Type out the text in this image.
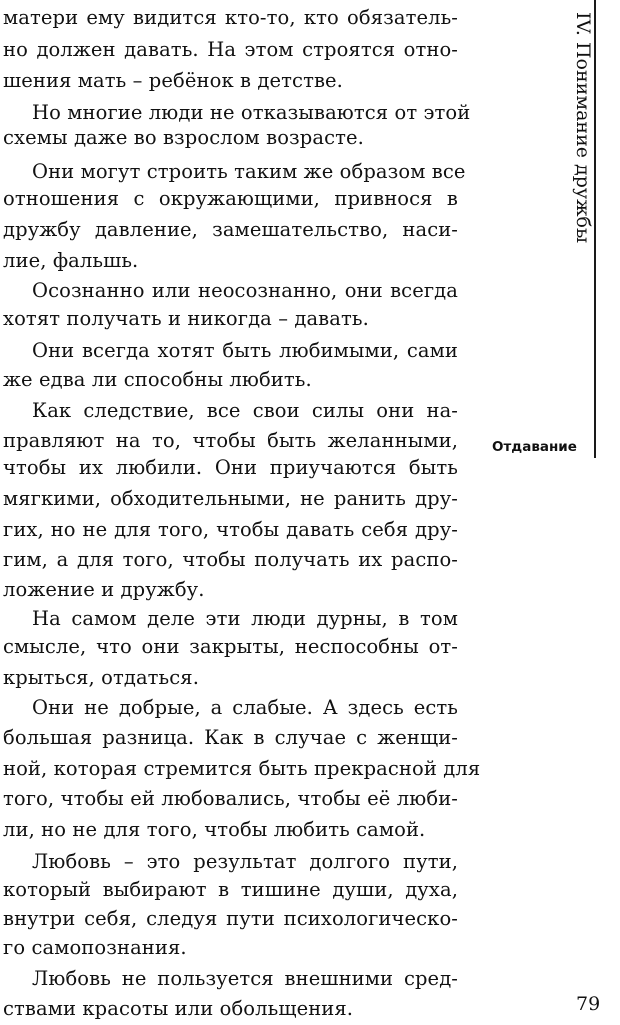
матери ему видится кто-то, кто обязатель-
но должен давать. На этом строятся отно-
шения мать – ребёнок в детстве.
Но многие люди не отказываются от этой
схемы даже во взрослом возрасте.
Они могут строить таким же образом все
отношения с окружающими, привнося в
дружбу давление, замешательство, наси-
лие, фальшь.
Осознанно или неосознанно, они всегда
хотят получать и никогда – давать.
Они всегда хотят быть любимыми, сами
же едва ли способны любить.
Как следствие, все свои силы они на-
правляют на то, чтобы быть желанными,
чтобы их любили. Они приучаются быть
мягкими, обходительными, не ранить дру-
гих, но не для того, чтобы давать себя дру-
гим, а для того, чтобы получать их распо-
ложение и дружбу.
На самом деле эти люди дурны, в том
смысле, что они закрыты, неспособны от-
крыться, отдаться.
Они не добрые, а слабые. А здесь есть
большая разница. Как в случае с женщи-
ной, которая стремится быть прекрасной для
того, чтобы ей любовались, чтобы её люби-
ли, но не для того, чтобы любить самой.
Любовь – это результат долгого пути,
который выбирают в тишине души, духа,
внутри себя, следуя пути психологическо-
го самопознания.
Любовь не пользуется внешними сред-
ствами красоты или обольщения.
IV. Понимание дружбы
Отдавание
79
